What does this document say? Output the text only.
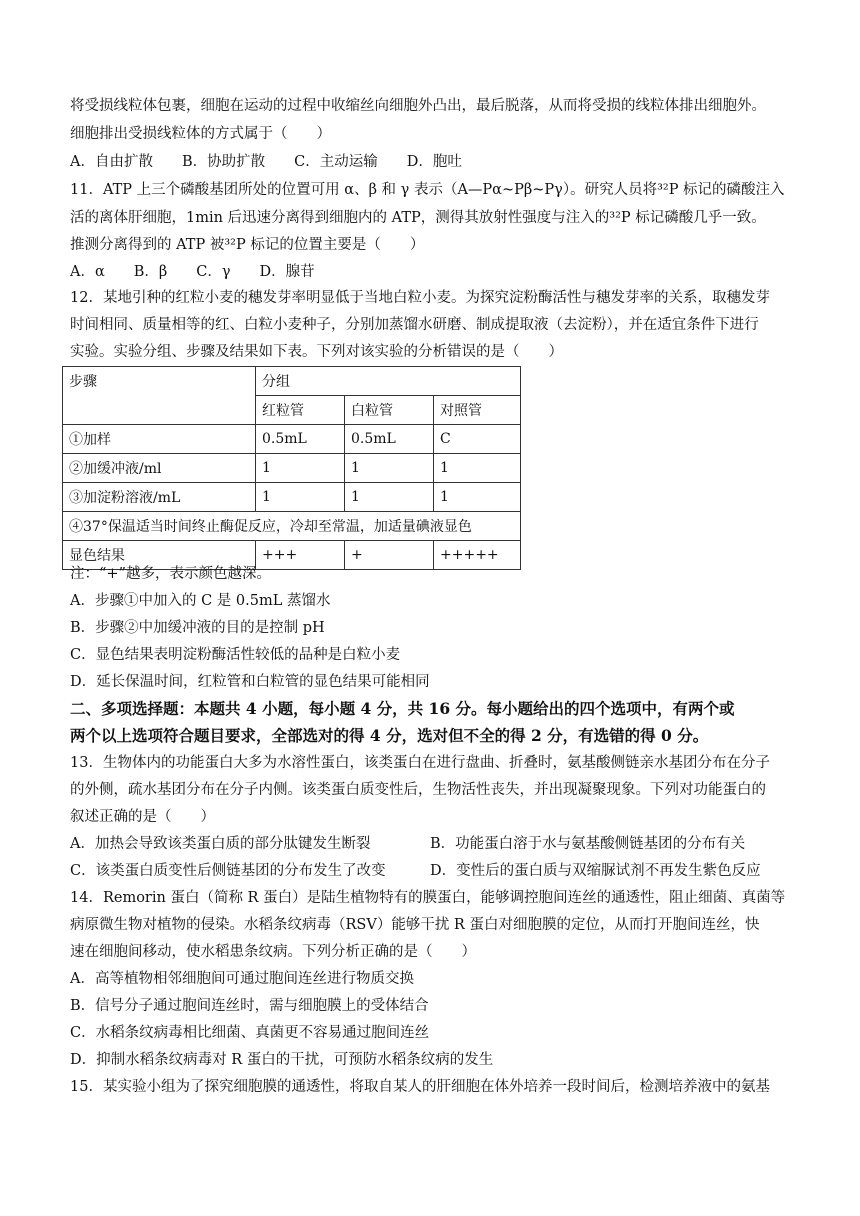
将受损线粒体包裹，细胞在运动的过程中收缩丝向细胞外凸出，最后脱落，从而将受损的线粒体排出细胞外。
细胞排出受损线粒体的方式属于（　　）
A．自由扩散　　B．协助扩散　　C．主动运输　　D．胞吐
11．ATP 上三个磷酸基团所处的位置可用 α、β 和 γ 表示（A—Pα~Pβ~Pγ）。研究人员将³²P 标记的磷酸注入
活的离体肝细胞，1min 后迅速分离得到细胞内的 ATP，测得其放射性强度与注入的³²P 标记磷酸几乎一致。
推测分离得到的 ATP 被³²P 标记的位置主要是（　　）
A．α　　B．β　　C．γ　　D．腺苷
12．某地引种的红粒小麦的穗发芽率明显低于当地白粒小麦。为探究淀粉酶活性与穗发芽率的关系，取穗发芽
时间相同、质量相等的红、白粒小麦种子，分别加蒸馏水研磨、制成提取液（去淀粉），并在适宜条件下进行
实验。实验分组、步骤及结果如下表。下列对该实验的分析错误的是（　　）
步骤	分组		
	红粒管	白粒管	对照管
①加样	0.5mL	0.5mL	C
②加缓冲液/ml	1	1	1
③加淀粉溶液/mL	1	1	1
④37°保温适当时间终止酶促反应，冷却至常温，加适量碘液显色			
显色结果	+++	+	+++++
注：“+”越多，表示颜色越深。
A．步骤①中加入的 C 是 0.5mL 蒸馏水
B．步骤②中加缓冲液的目的是控制 pH
C．显色结果表明淀粉酶活性较低的品种是白粒小麦
D．延长保温时间，红粒管和白粒管的显色结果可能相同
二、多项选择题：本题共 4 小题，每小题 4 分，共 16 分。每小题给出的四个选项中，有两个或
两个以上选项符合题目要求，全部选对的得 4 分，选对但不全的得 2 分，有选错的得 0 分。
13．生物体内的功能蛋白大多为水溶性蛋白，该类蛋白在进行盘曲、折叠时，氨基酸侧链亲水基团分布在分子
的外侧，疏水基团分布在分子内侧。该类蛋白质变性后，生物活性丧失，并出现凝聚现象。下列对功能蛋白的
叙述正确的是（　　）
A．加热会导致该类蛋白质的部分肽键发生断裂	B．功能蛋白溶于水与氨基酸侧链基团的分布有关
C．该类蛋白质变性后侧链基团的分布发生了改变	D．变性后的蛋白质与双缩脲试剂不再发生紫色反应
14．Remorin 蛋白（简称 R 蛋白）是陆生植物特有的膜蛋白，能够调控胞间连丝的通透性，阻止细菌、真菌等
病原微生物对植物的侵染。水稻条纹病毒（RSV）能够干扰 R 蛋白对细胞膜的定位，从而打开胞间连丝，快
速在细胞间移动，使水稻患条纹病。下列分析正确的是（　　）
A．高等植物相邻细胞间可通过胞间连丝进行物质交换
B．信号分子通过胞间连丝时，需与细胞膜上的受体结合
C．水稻条纹病毒相比细菌、真菌更不容易通过胞间连丝
D．抑制水稻条纹病毒对 R 蛋白的干扰，可预防水稻条纹病的发生
15．某实验小组为了探究细胞膜的通透性，将取自某人的肝细胞在体外培养一段时间后，检测培养液中的氨基
